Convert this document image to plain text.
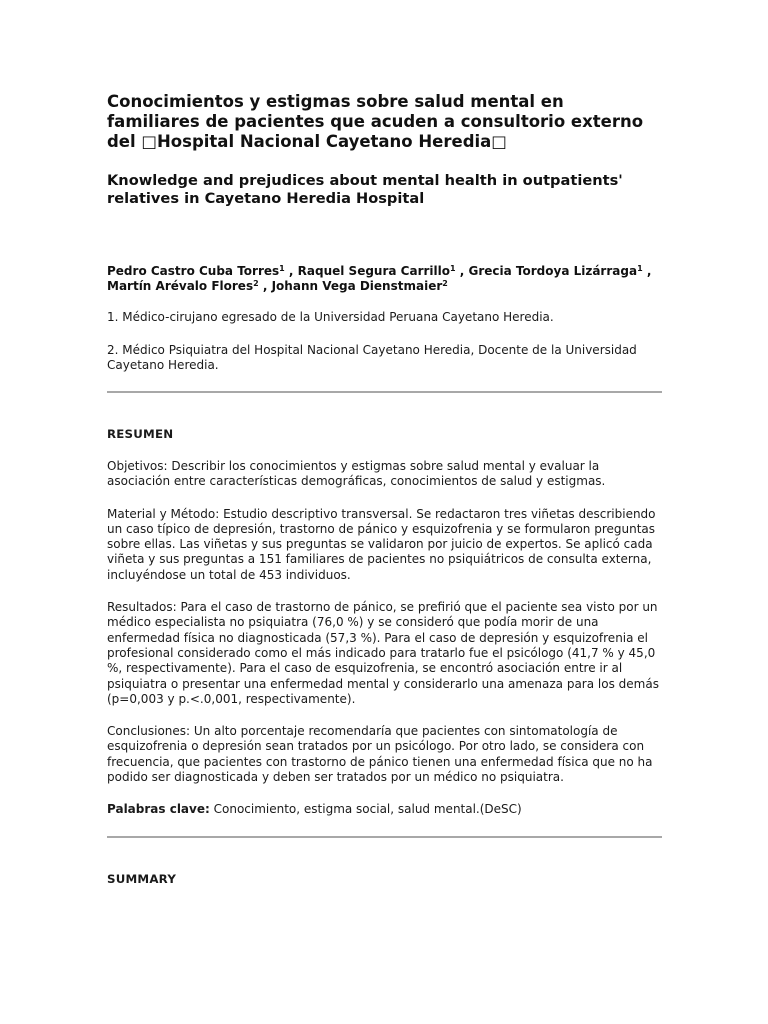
Conocimientos y estigmas sobre salud mental en familiares de pacientes que acuden a consultorio externo del □Hospital Nacional Cayetano Heredia□
Knowledge and prejudices about mental health in outpatients' relatives in Cayetano Heredia Hospital

Pedro Castro Cuba Torres$^1$ , Raquel Segura Carrillo$^1$ , Grecia Tordoya Lizárraga$^1$ , Martín Arévalo Flores$^2$ , Johann Vega Dienstmaier$^2$

1. Médico-cirujano egresado de la Universidad Peruana Cayetano Heredia.

2. Médico Psiquiatra del Hospital Nacional Cayetano Heredia, Docente de la Universidad Cayetano Heredia.

RESUMEN

Objetivos: Describir los conocimientos y estigmas sobre salud mental y evaluar la asociación entre características demográficas, conocimientos de salud y estigmas.

Material y Método: Estudio descriptivo transversal. Se redactaron tres viñetas describiendo un caso típico de depresión, trastorno de pánico y esquizofrenia y se formularon preguntas sobre ellas. Las viñetas y sus preguntas se validaron por juicio de expertos. Se aplicó cada viñeta y sus preguntas a 151 familiares de pacientes no psiquiátricos de consulta externa, incluyéndose un total de 453 individuos.

Resultados: Para el caso de trastorno de pánico, se prefirió que el paciente sea visto por un médico especialista no psiquiatra (76,0 %) y se consideró que podía morir de una enfermedad física no diagnosticada (57,3 %). Para el caso de depresión y esquizofrenia el profesional considerado como el más indicado para tratarlo fue el psicólogo (41,7 % y 45,0 %, respectivamente). Para el caso de esquizofrenia, se encontró asociación entre ir al psiquiatra o presentar una enfermedad mental y considerarlo una amenaza para los demás (p=0,003 y p.<.0,001, respectivamente).

Conclusiones: Un alto porcentaje recomendaría que pacientes con sintomatología de esquizofrenia o depresión sean tratados por un psicólogo. Por otro lado, se considera con frecuencia, que pacientes con trastorno de pánico tienen una enfermedad física que no ha podido ser diagnosticada y deben ser tratados por un médico no psiquiatra.

Palabras clave: Conocimiento, estigma social, salud mental.(DeSC)

SUMMARY
